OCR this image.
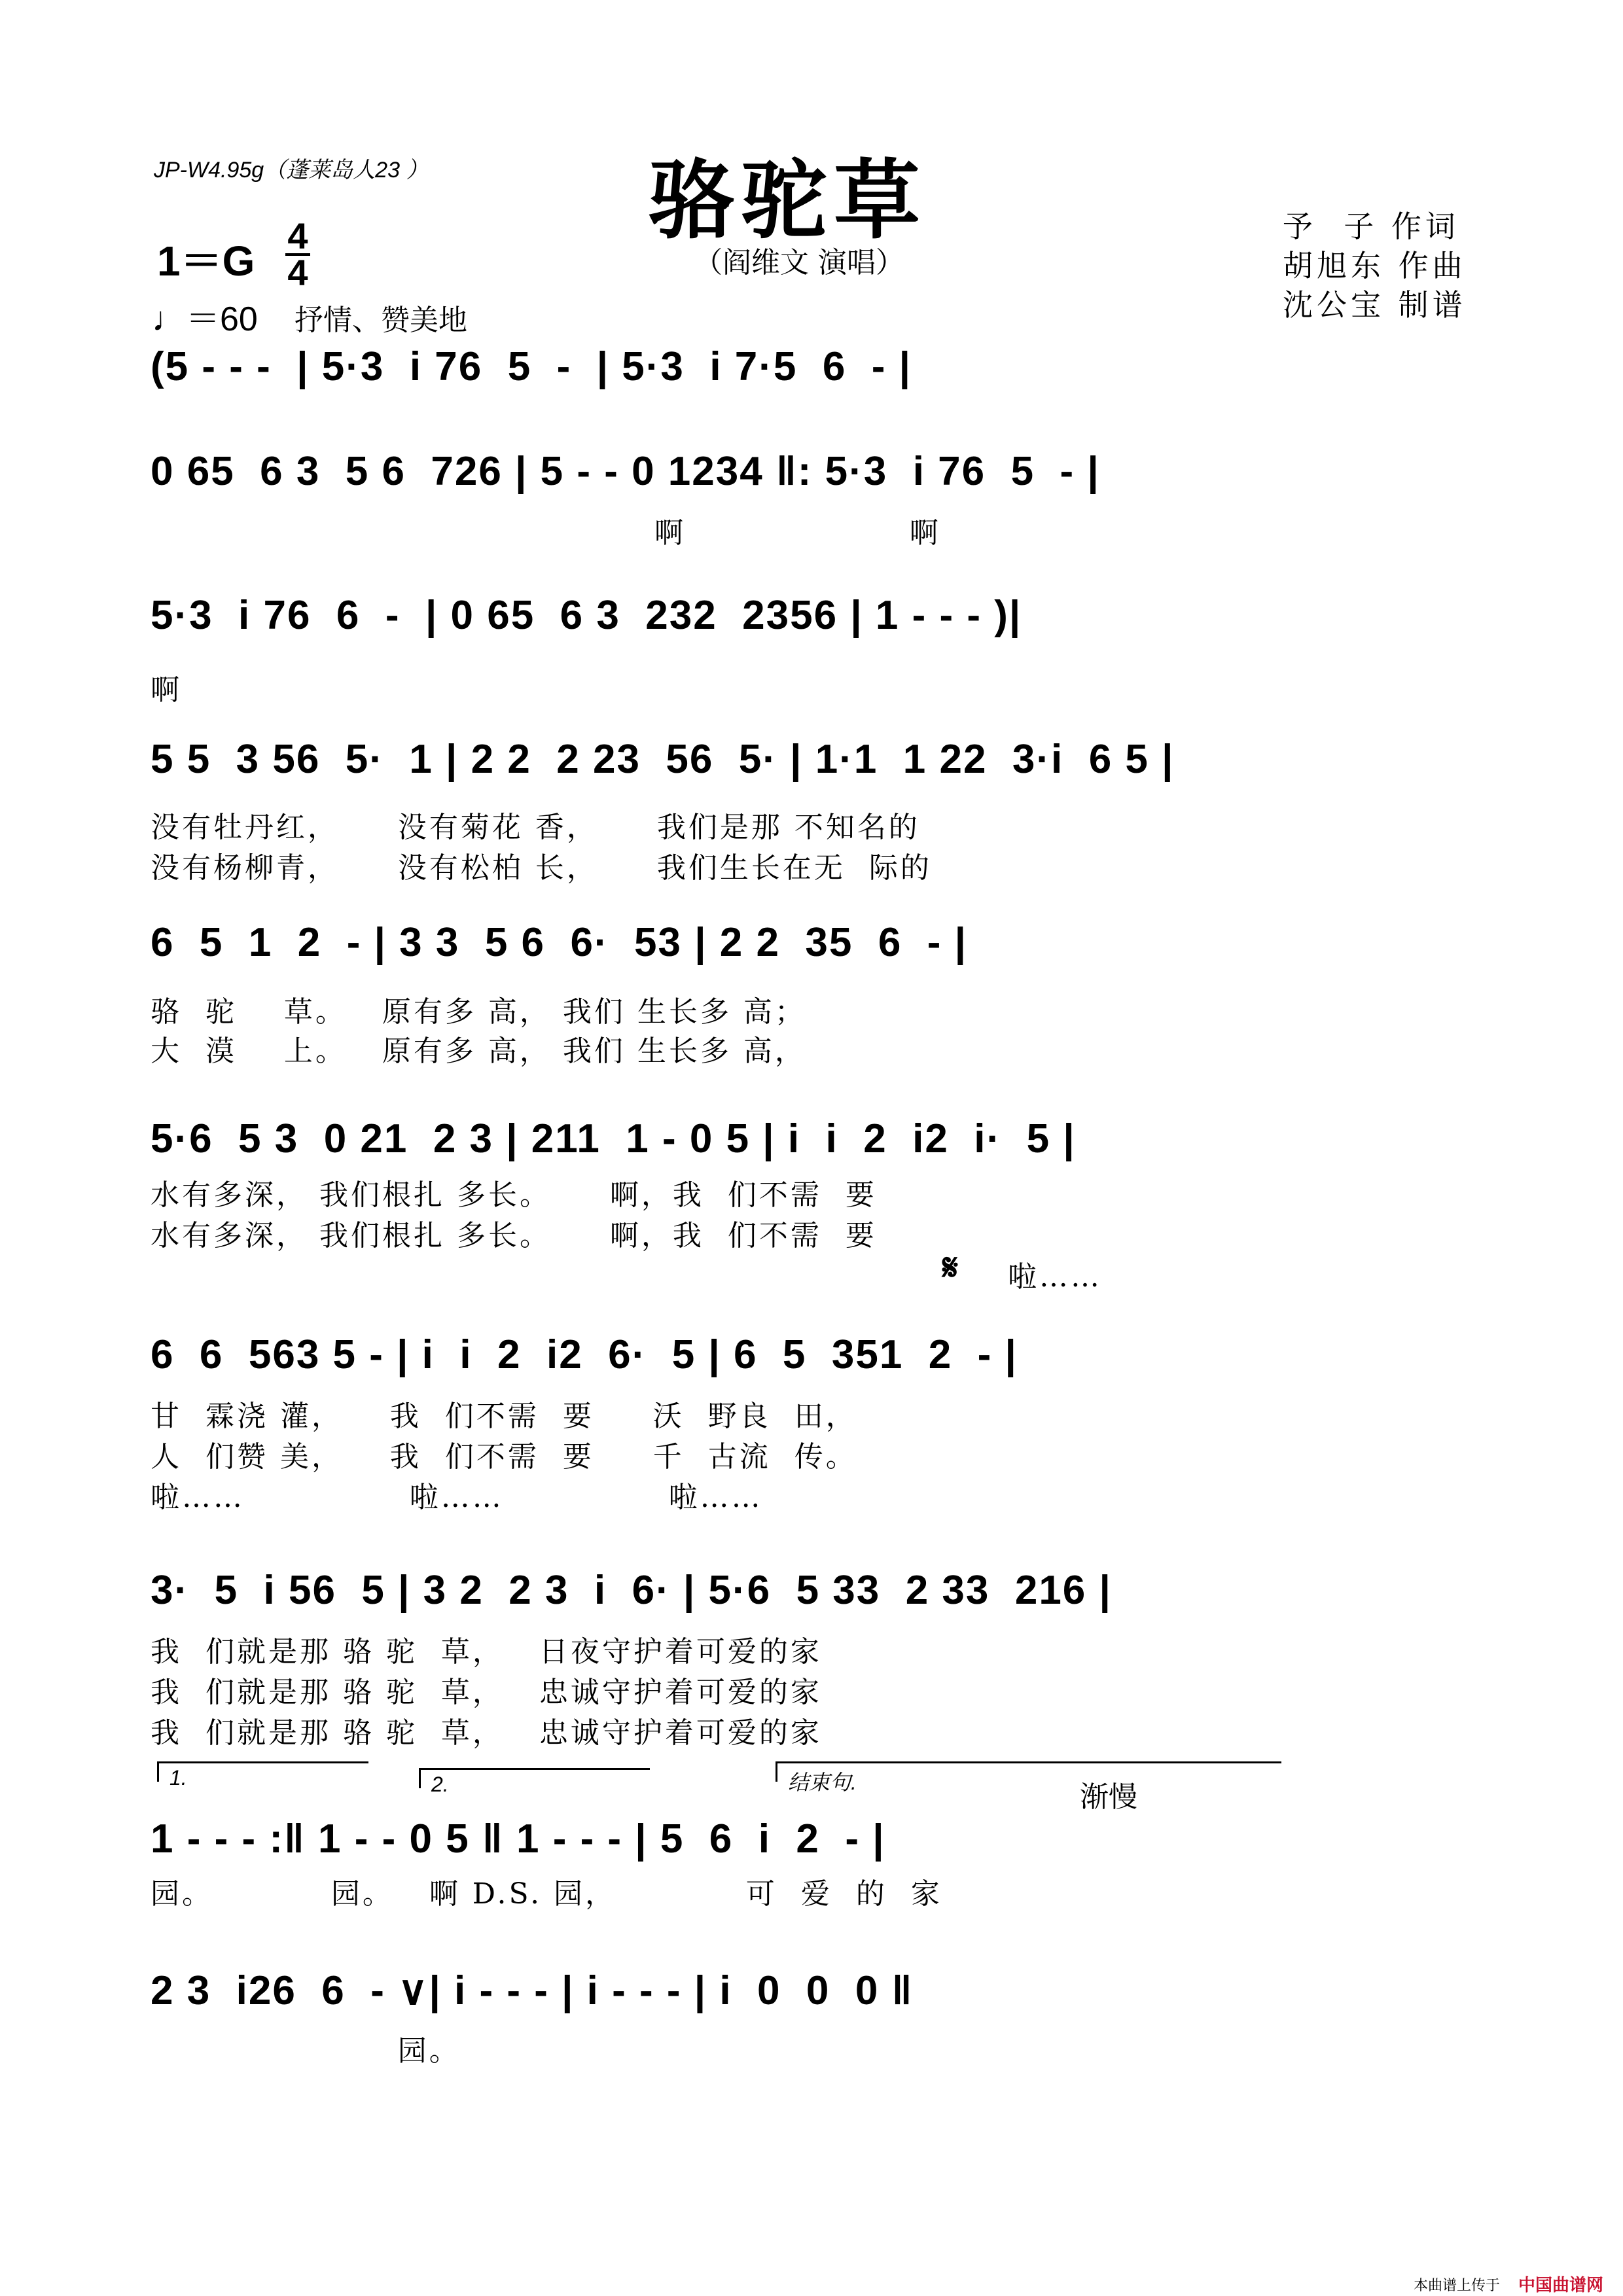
JP-W4.95g（蓬莱岛人23 ）	骆驼草
（阎维文 演唱）
予  子 作词
胡旭东 作曲
沈公宝 制谱
1＝G
4
4
♩＝60 抒情、赞美地
(5 - - -  | 5·3  i 76  5  -  | 5·3  i 7·5  6  - |
0 65  6 3  5 6  726 | 5 - - 0 1234 ‖: 5·3  i 76  5  - |
啊                   啊
5·3  i 76  6  -  | 0 65  6 3  232  2356 | 1 - - - )|
啊
5 5  3 56  5·  1 | 2 2  2 23  56  5· | 1·1  1 22  3·i  6 5 |
没有牡丹红，     没有菊花 香，     我们是那 不知名的
没有杨柳青，     没有松柏 长，     我们生长在无  际的
6  5  1  2  - | 3 3  5 6  6·  53 | 2 2  35  6  - |
骆  驼    草。   原有多 高， 我们 生长多 高；
大  漠    上。   原有多 高， 我们 生长多 高，
5·6  5 3  0 21  2 3 | 211  1 - 0 5 | i  i  2  i2  i·  5 |
水有多深， 我们根扎 多长。     啊，我  们不需  要
水有多深， 我们根扎 多长。     啊，我  们不需  要
𝄋 啦……
6  6  563 5 - | i  i  2  i2  6·  5 | 6  5  351  2  - |
甘  霖浇 灌，    我  们不需  要     沃  野良  田，
人  们赞 美，    我  们不需  要     千  古流  传。
啦……              啦……              啦……
3·  5  i 56  5 | 3 2  2 3  i  6· | 5·6  5 33  2 33  216 |
我  们就是那 骆 驼  草，   日夜守护着可爱的家
我  们就是那 骆 驼  草，   忠诚守护着可爱的家
我  们就是那 骆 驼  草，   忠诚守护着可爱的家
1.	2.	结束句.	渐慢
1 - - - :‖ 1 - - 0 5 ‖ 1 - - - | 5  6  i  2  - |
园。          园。   啊 D.S. 园，           可  爱  的  家
2 3  i26  6  - ∨| i - - - | i - - - | i  0  0  0 ‖
园。
本曲谱上传于 中国曲谱网
